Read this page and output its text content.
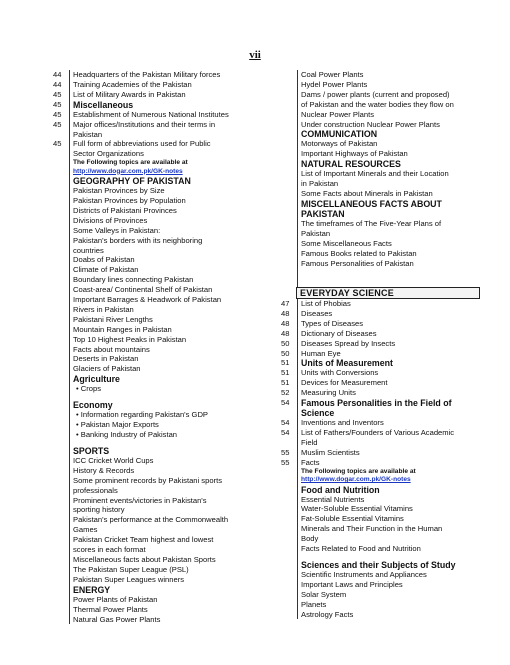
vii
44	Headquarters of the Pakistan Military forces
44	Training Academies of the Pakistan
45	List of Military Awards in Pakistan
45	Miscellaneous
45	Establishment of Numerous National Institutes
45	Major offices/Institutions and their terms in
Pakistan
45	Full form of abbreviations used for Public
Sector Organizations
The Following topics are available at
http://www.dogar.com.pk/GK-notes
GEOGRAPHY OF PAKISTAN
Pakistan Provinces by Size
Pakistan Provinces by Population
Districts of Pakistani Provinces
Divisions of Provinces
Some Valleys in Pakistan:
Pakistan's borders with its neighboring
countries
Doabs of Pakistan
Climate of Pakistan
Boundary lines connecting Pakistan
Coast-area/ Continental Shelf of Pakistan
Important Barrages & Headwork of Pakistan
Rivers in Pakistan
Pakistani River Lengths
Mountain Ranges in Pakistan
Top 10 Highest Peaks in Pakistan
Facts about mountains
Deserts in Pakistan
Glaciers of Pakistan
Agriculture
• Crops
Economy
• Information regarding Pakistan's GDP
• Pakistan Major Exports
• Banking Industry of Pakistan
SPORTS
ICC Cricket World Cups
History & Records
Some prominent records by Pakistani sports
professionals
Prominent events/victories in Pakistan's
sporting history
Pakistan's performance at the Commonwealth
Games
Pakistan Cricket Team highest and lowest
scores in each format
Miscellaneous facts about Pakistan Sports
The Pakistan Super League (PSL)
Pakistan Super Leagues winners
ENERGY
Power Plants of Pakistan
Thermal Power Plants
Natural Gas Power Plants
Coal Power Plants
Hydel Power Plants
Dams / power plants (current and proposed)
of Pakistan and the water bodies they flow on
Nuclear Power Plants
Under construction Nuclear Power Plants
COMMUNICATION
Motorways of Pakistan
Important Highways of Pakistan
NATURAL RESOURCES
List of Important Minerals and their Location
in Pakistan
Some Facts about Minerals in Pakistan
MISCELLANEOUS FACTS ABOUT
PAKISTAN
The timeframes of The Five-Year Plans of
Pakistan
Some Miscellaneous Facts
Famous Books related to Pakistan
Famous Personalities of Pakistan
EVERYDAY SCIENCE
47	List of Phobias
48	Diseases
48	Types of Diseases
48	Dictionary of Diseases
50	Diseases Spread by Insects
50	Human Eye
51	Units of Measurement
51	Units with Conversions
51	Devices for Measurement
52	Measuring Units
54	Famous Personalities in the Field of
Science
54	Inventions and Inventors
54	List of Fathers/Founders of Various Academic
Field
55	Muslim Scientists
55	Facts
The Following topics are available at
http://www.dogar.com.pk/GK-notes
Food and Nutrition
Essential Nutrients
Water-Soluble Essential Vitamins
Fat-Soluble Essential Vitamins
Minerals and Their Function in the Human
Body
Facts Related to Food and Nutrition
Sciences and their Subjects of Study
Scientific Instruments and Appliances
Important Laws and Principles
Solar System
Planets
Astrology Facts
